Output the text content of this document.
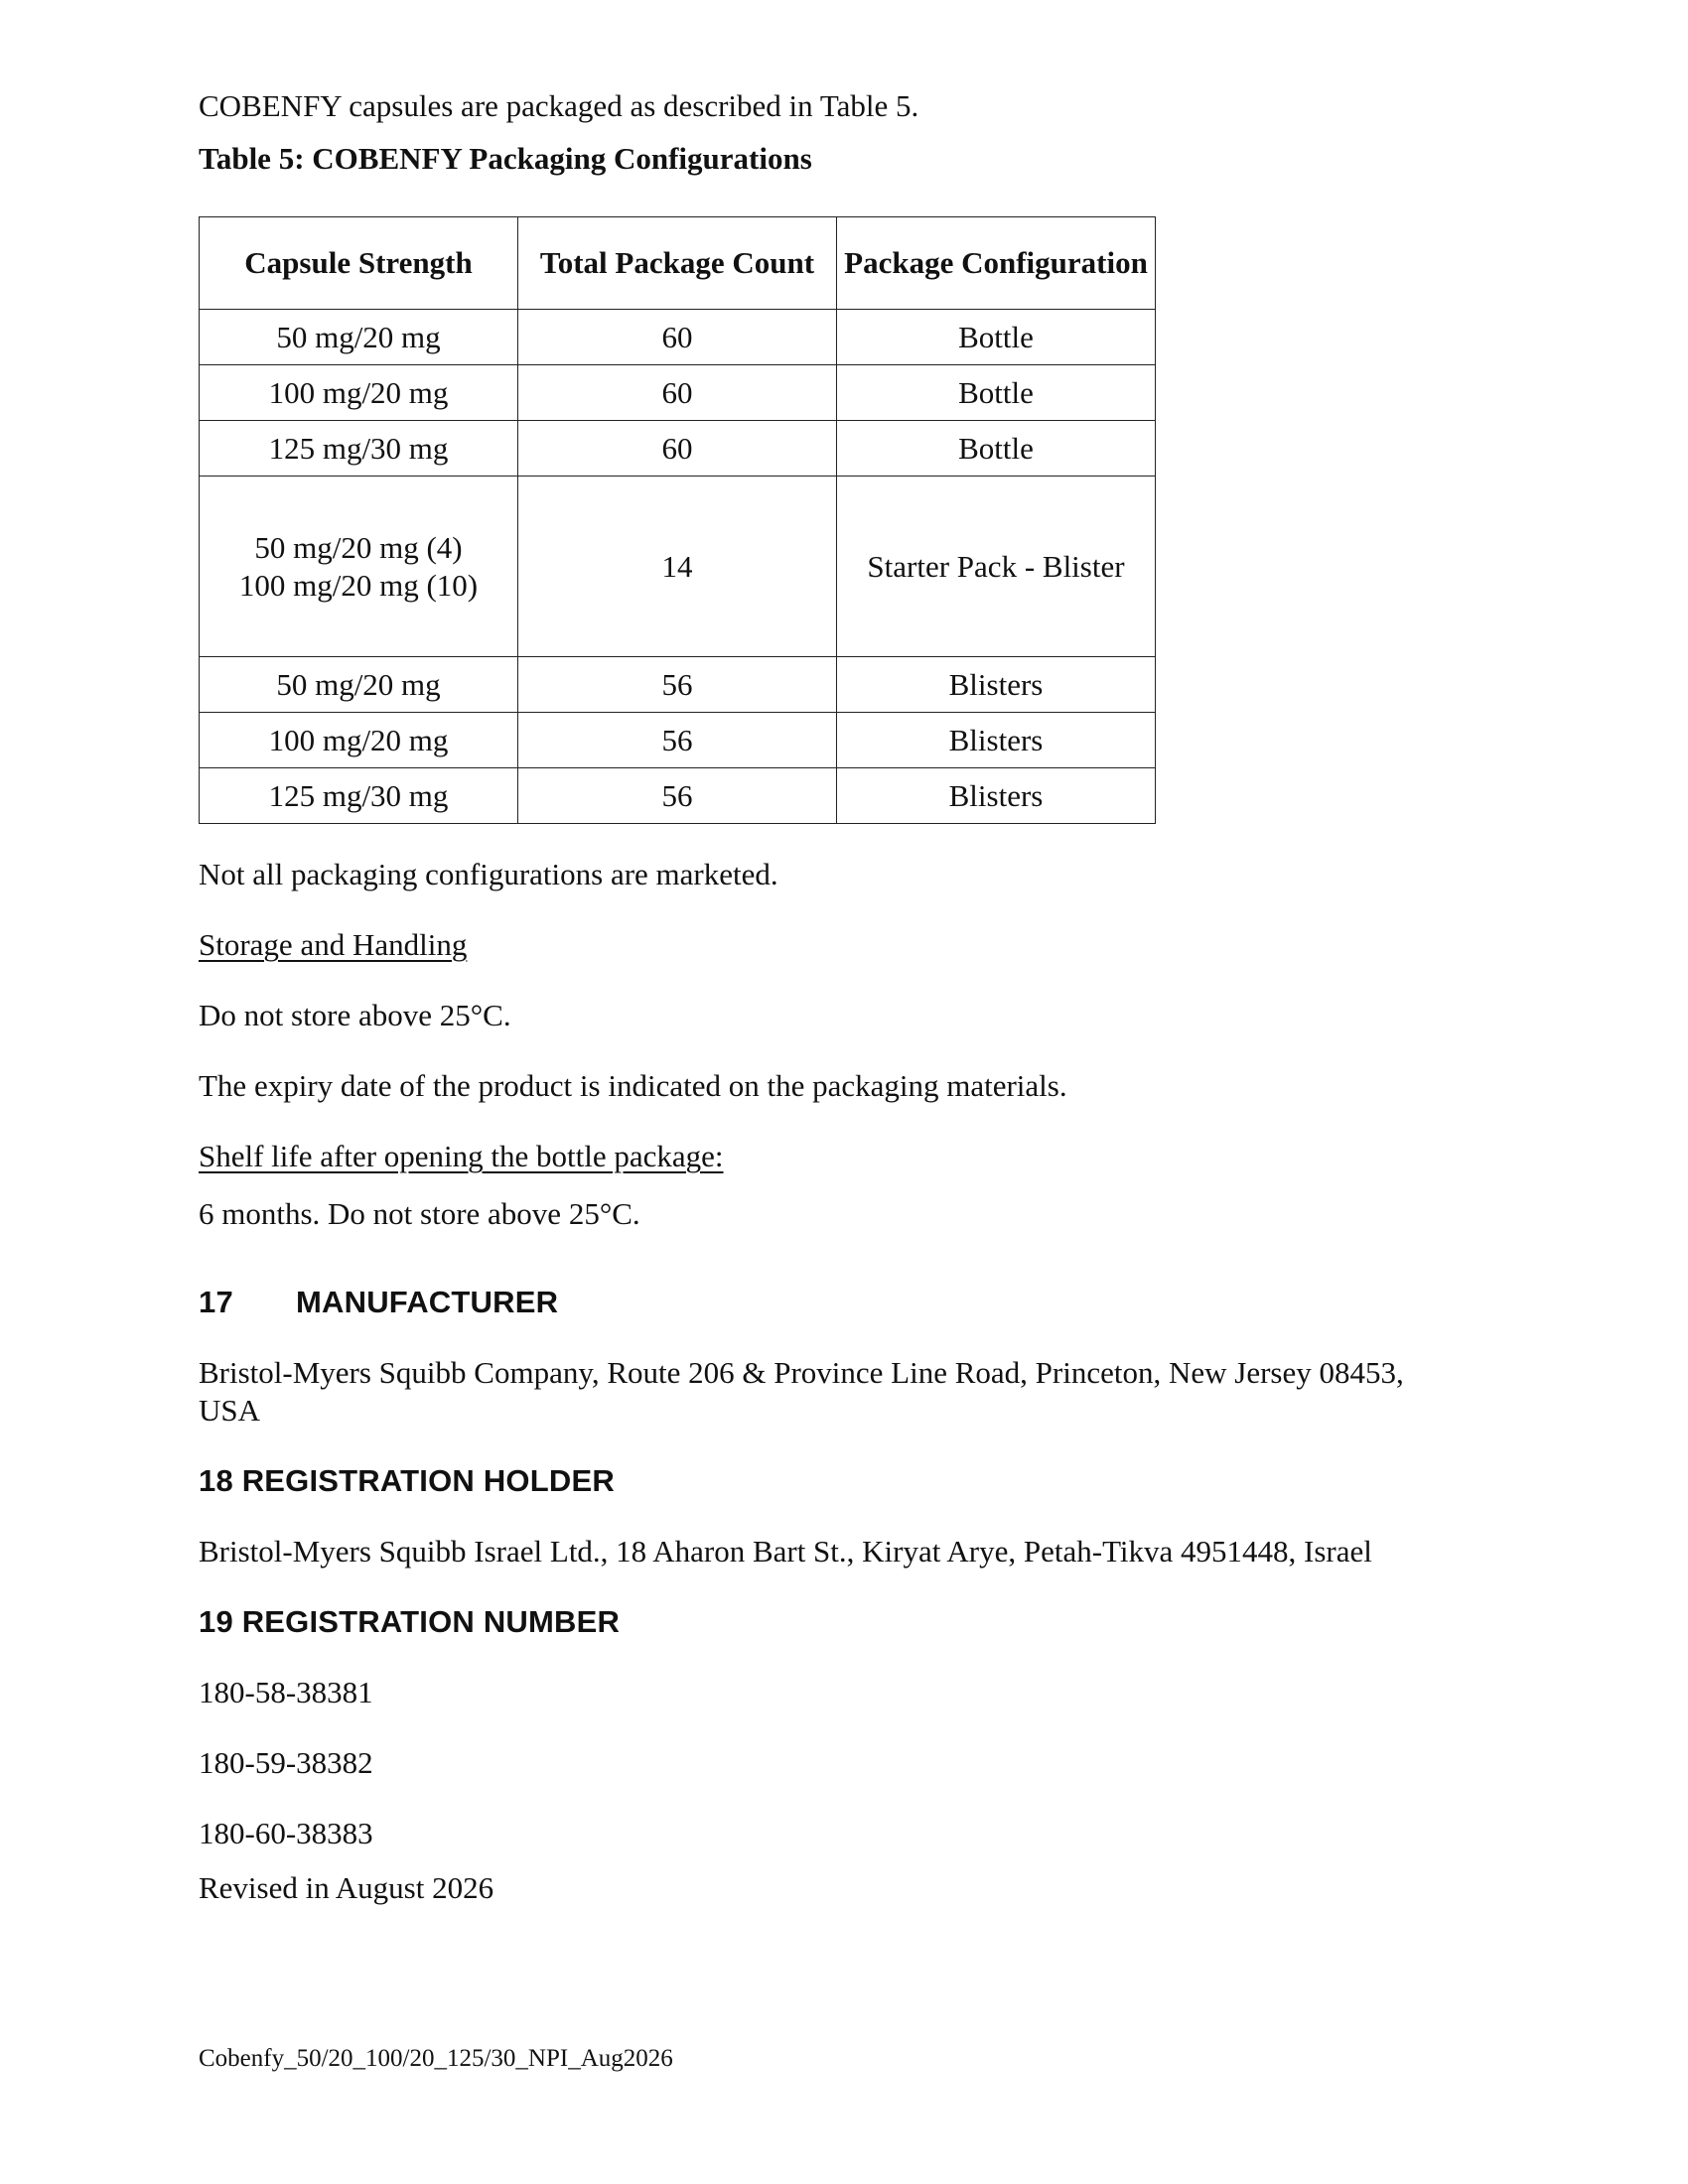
COBENFY capsules are packaged as described in Table 5.

Table 5: COBENFY Packaging Configurations

Capsule Strength	Total Package Count	Package Configuration
50 mg/20 mg	60	Bottle
100 mg/20 mg	60	Bottle
125 mg/30 mg	60	Bottle

50 mg/20 mg (4)
100 mg/20 mg (10)	14	Starter Pack - Blister
50 mg/20 mg	56	Blisters
100 mg/20 mg	56	Blisters
125 mg/30 mg	56	Blisters

Not all packaging configurations are marketed.

Storage and Handling

Do not store above 25°C.

The expiry date of the product is indicated on the packaging materials.

Shelf life after opening the bottle package:

6 months. Do not store above 25°C.

17 MANUFACTURER

Bristol-Myers Squibb Company, Route 206 & Province Line Road, Princeton, New Jersey 08453,

USA

18 REGISTRATION HOLDER

Bristol-Myers Squibb Israel Ltd., 18 Aharon Bart St., Kiryat Arye, Petah-Tikva 4951448, Israel

19 REGISTRATION NUMBER

180-58-38381

180-59-38382

180-60-38383

Revised in August 2026

Cobenfy_50/20_100/20_125/30_NPI_Aug2026
